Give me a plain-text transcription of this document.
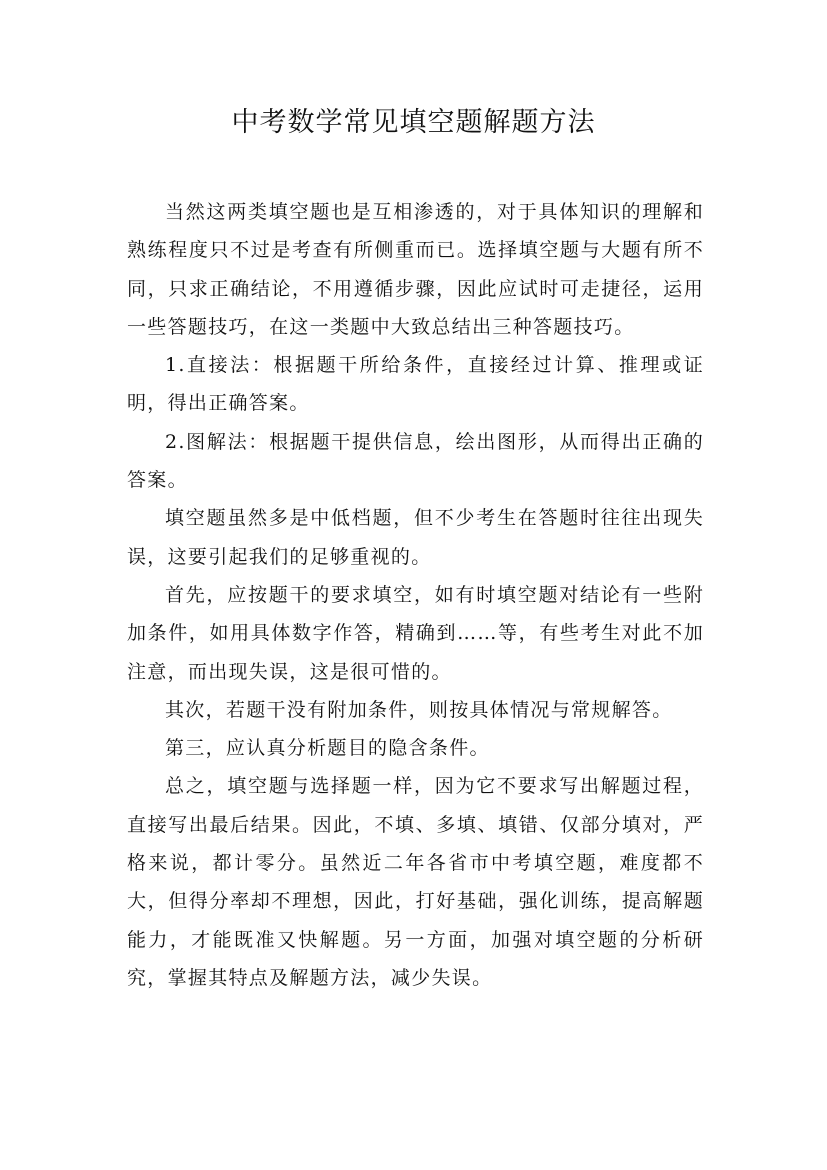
中考数学常见填空题解题方法

当然这两类填空题也是互相渗透的，对于具体知识的理解和熟练程度只不过是考查有所侧重而已。选择填空题与大题有所不同，只求正确结论，不用遵循步骤，因此应试时可走捷径，运用一些答题技巧，在这一类题中大致总结出三种答题技巧。

1.直接法：根据题干所给条件，直接经过计算、推理或证明，得出正确答案。

2.图解法：根据题干提供信息，绘出图形，从而得出正确的答案。

填空题虽然多是中低档题，但不少考生在答题时往往出现失误，这要引起我们的足够重视的。

首先，应按题干的要求填空，如有时填空题对结论有一些附加条件，如用具体数字作答，精确到……等，有些考生对此不加注意，而出现失误，这是很可惜的。

其次，若题干没有附加条件，则按具体情况与常规解答。

第三，应认真分析题目的隐含条件。

总之，填空题与选择题一样，因为它不要求写出解题过程，直接写出最后结果。因此，不填、多填、填错、仅部分填对，严格来说，都计零分。虽然近二年各省市中考填空题，难度都不大，但得分率却不理想，因此，打好基础，强化训练，提高解题能力，才能既准又快解题。另一方面，加强对填空题的分析研究，掌握其特点及解题方法，减少失误。
